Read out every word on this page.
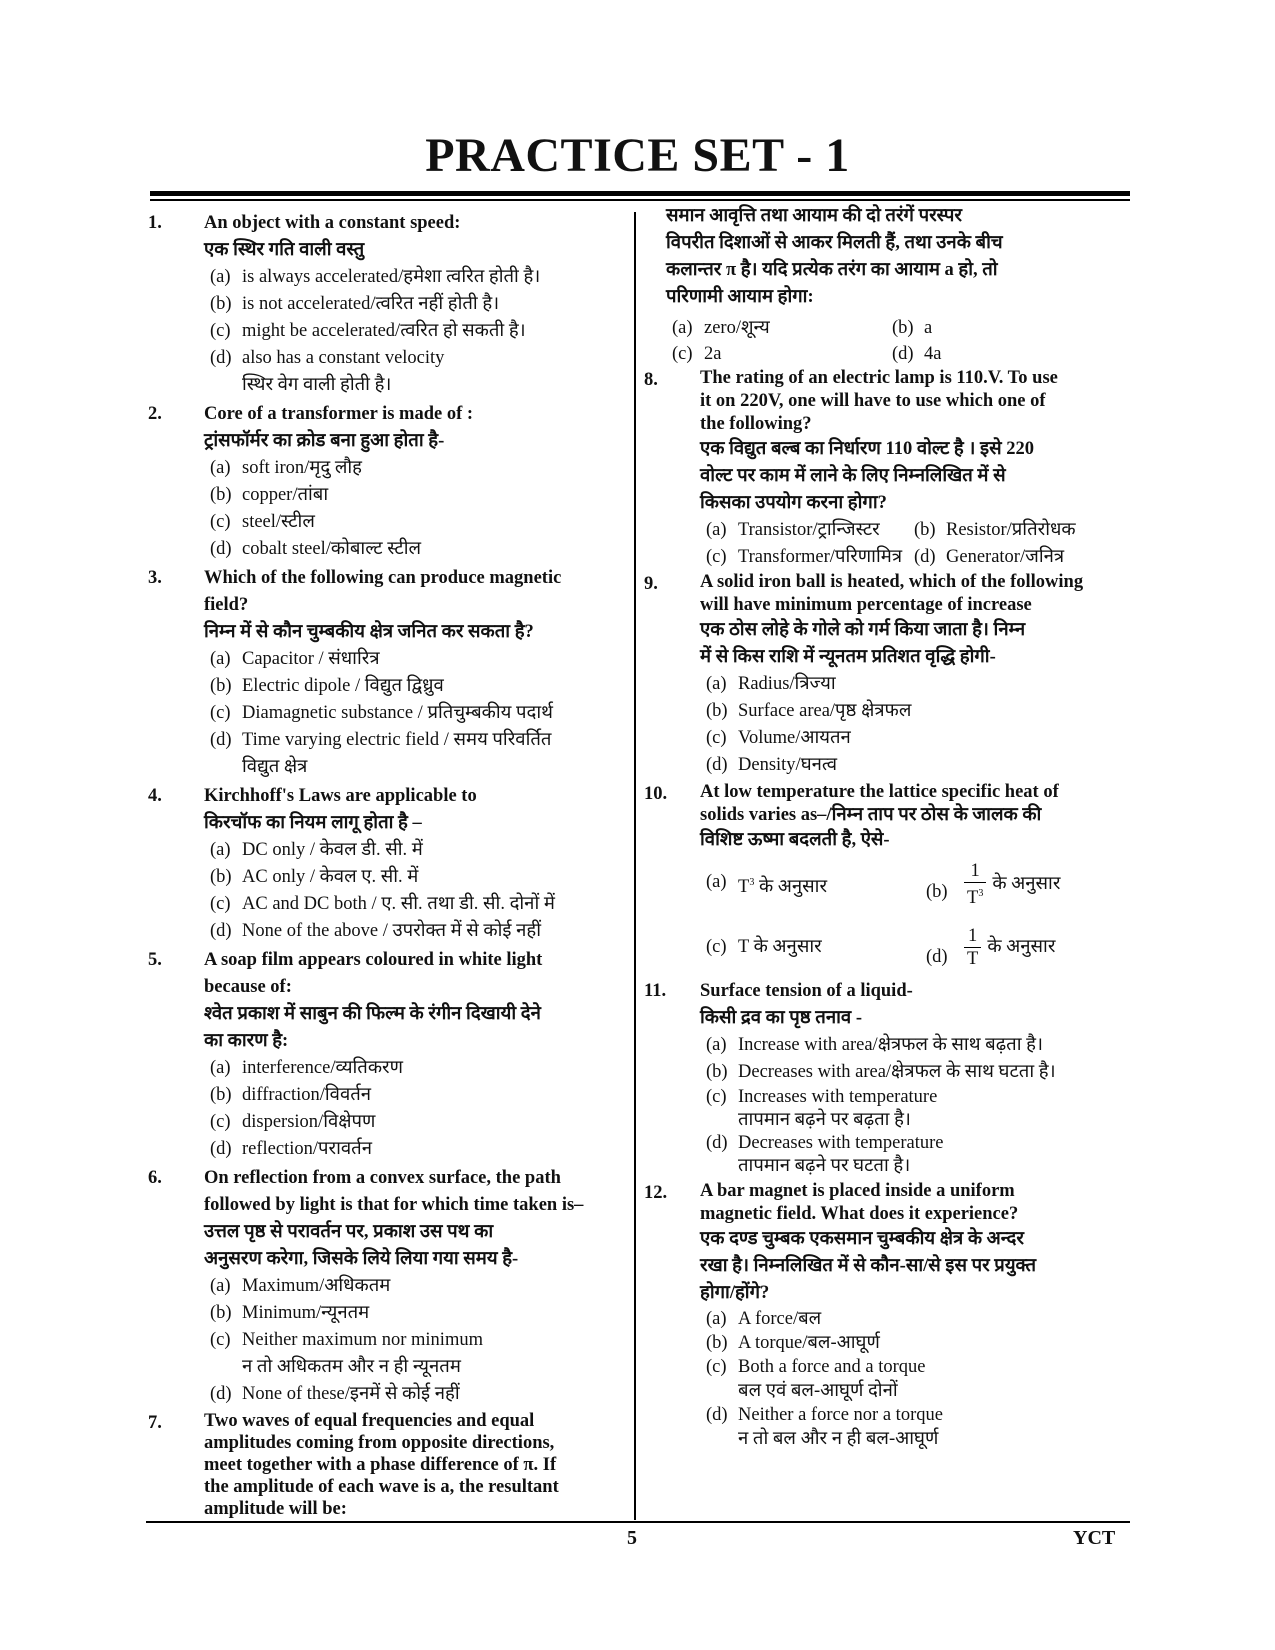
PRACTICE SET - 1
5	YCT
1. An object with a constant speed:
एक स्थिर गति वाली वस्तु
(a) is always accelerated/हमेशा त्वरित होती है।
(b) is not accelerated/त्वरित नहीं होती है।
(c) might be accelerated/त्वरित हो सकती है।
(d) also has a constant velocity
स्थिर वेग वाली होती है।
2. Core of a transformer is made of :
ट्रांसफॉर्मर का क्रोड बना हुआ होता है-
(a) soft iron/मृदु लौह
(b) copper/तांबा
(c) steel/स्टील
(d) cobalt steel/कोबाल्ट स्टील
3. Which of the following can produce magnetic
field?
निम्न में से कौन चुम्बकीय क्षेत्र जनित कर सकता है?
(a) Capacitor / संधारित्र
(b) Electric dipole / विद्युत द्विध्रुव
(c) Diamagnetic substance / प्रतिचुम्बकीय पदार्थ
(d) Time varying electric field / समय परिवर्तित
विद्युत क्षेत्र
4. Kirchhoff's Laws are applicable to
किरचॉफ का नियम लागू होता है –
(a) DC only / केवल डी. सी. में
(b) AC only / केवल ए. सी. में
(c) AC and DC both / ए. सी. तथा डी. सी. दोनों में
(d) None of the above / उपरोक्त में से कोई नहीं
5. A soap film appears coloured in white light
because of:
श्वेत प्रकाश में साबुन की फिल्म के रंगीन दिखायी देने
का कारण है:
(a) interference/व्यतिकरण
(b) diffraction/विवर्तन
(c) dispersion/विक्षेपण
(d) reflection/परावर्तन
6. On reflection from a convex surface, the path
followed by light is that for which time taken is–
उत्तल पृष्ठ से परावर्तन पर, प्रकाश उस पथ का
अनुसरण करेगा, जिसके लिये लिया गया समय है-
(a) Maximum/अधिकतम
(b) Minimum/न्यूनतम
(c) Neither maximum nor minimum
न तो अधिकतम और न ही न्यूनतम
(d) None of these/इनमें से कोई नहीं
7. Two waves of equal frequencies and equal
amplitudes coming from opposite directions,
meet together with a phase difference of π. If
the amplitude of each wave is a, the resultant
amplitude will be:
समान आवृत्ति तथा आयाम की दो तरंगें परस्पर
विपरीत दिशाओं से आकर मिलती हैं, तथा उनके बीच
कलान्तर π है। यदि प्रत्येक तरंग का आयाम a हो, तो
परिणामी आयाम होगा:
(a) zero/शून्य	(b) a
(c) 2a	(d) 4a
8. The rating of an electric lamp is 110.V. To use
it on 220V, one will have to use which one of
the following?
एक विद्युत बल्ब का निर्धारण 110 वोल्ट है । इसे 220
वोल्ट पर काम में लाने के लिए निम्नलिखित में से
किसका उपयोग करना होगा?
(a) Transistor/ट्रान्जिस्टर	(b) Resistor/प्रतिरोधक
(c) Transformer/परिणामित्र (d) Generator/जनित्र
9. A solid iron ball is heated, which of the following
will have minimum percentage of increase
एक ठोस लोहे के गोले को गर्म किया जाता है। निम्न
में से किस राशि में न्यूनतम प्रतिशत वृद्धि होगी-
(a) Radius/त्रिज्या
(b) Surface area/पृष्ठ क्षेत्रफल
(c) Volume/आयतन
(d) Density/घनत्व
10. At low temperature the lattice specific heat of
solids varies as–/निम्न ताप पर ठोस के जालक की
विशिष्ट ऊष्मा बदलती है, ऐसे-
(a) $T^3$ के अनुसार	$(b) \frac{1}{T^3}$ के अनुसार
(c) T के अनुसार	$(d) \frac{1}{T}$ के अनुसार
11. Surface tension of a liquid-
किसी द्रव का पृष्ठ तनाव -
(a) Increase with area/क्षेत्रफल के साथ बढ़ता है।
(b) Decreases with area/क्षेत्रफल के साथ घटता है।
(c) Increases with temperature
तापमान बढ़ने पर बढ़ता है।
(d) Decreases with temperature
तापमान बढ़ने पर घटता है।
12. A bar magnet is placed inside a uniform
magnetic field. What does it experience?
एक दण्ड चुम्बक एकसमान चुम्बकीय क्षेत्र के अन्दर
रखा है। निम्नलिखित में से कौन-सा/से इस पर प्रयुक्त
होगा/होंगे?
(a) A force/बल
(b) A torque/बल-आघूर्ण
(c) Both a force and a torque
बल एवं बल-आघूर्ण दोनों
(d) Neither a force nor a torque
न तो बल और न ही बल-आघूर्ण
